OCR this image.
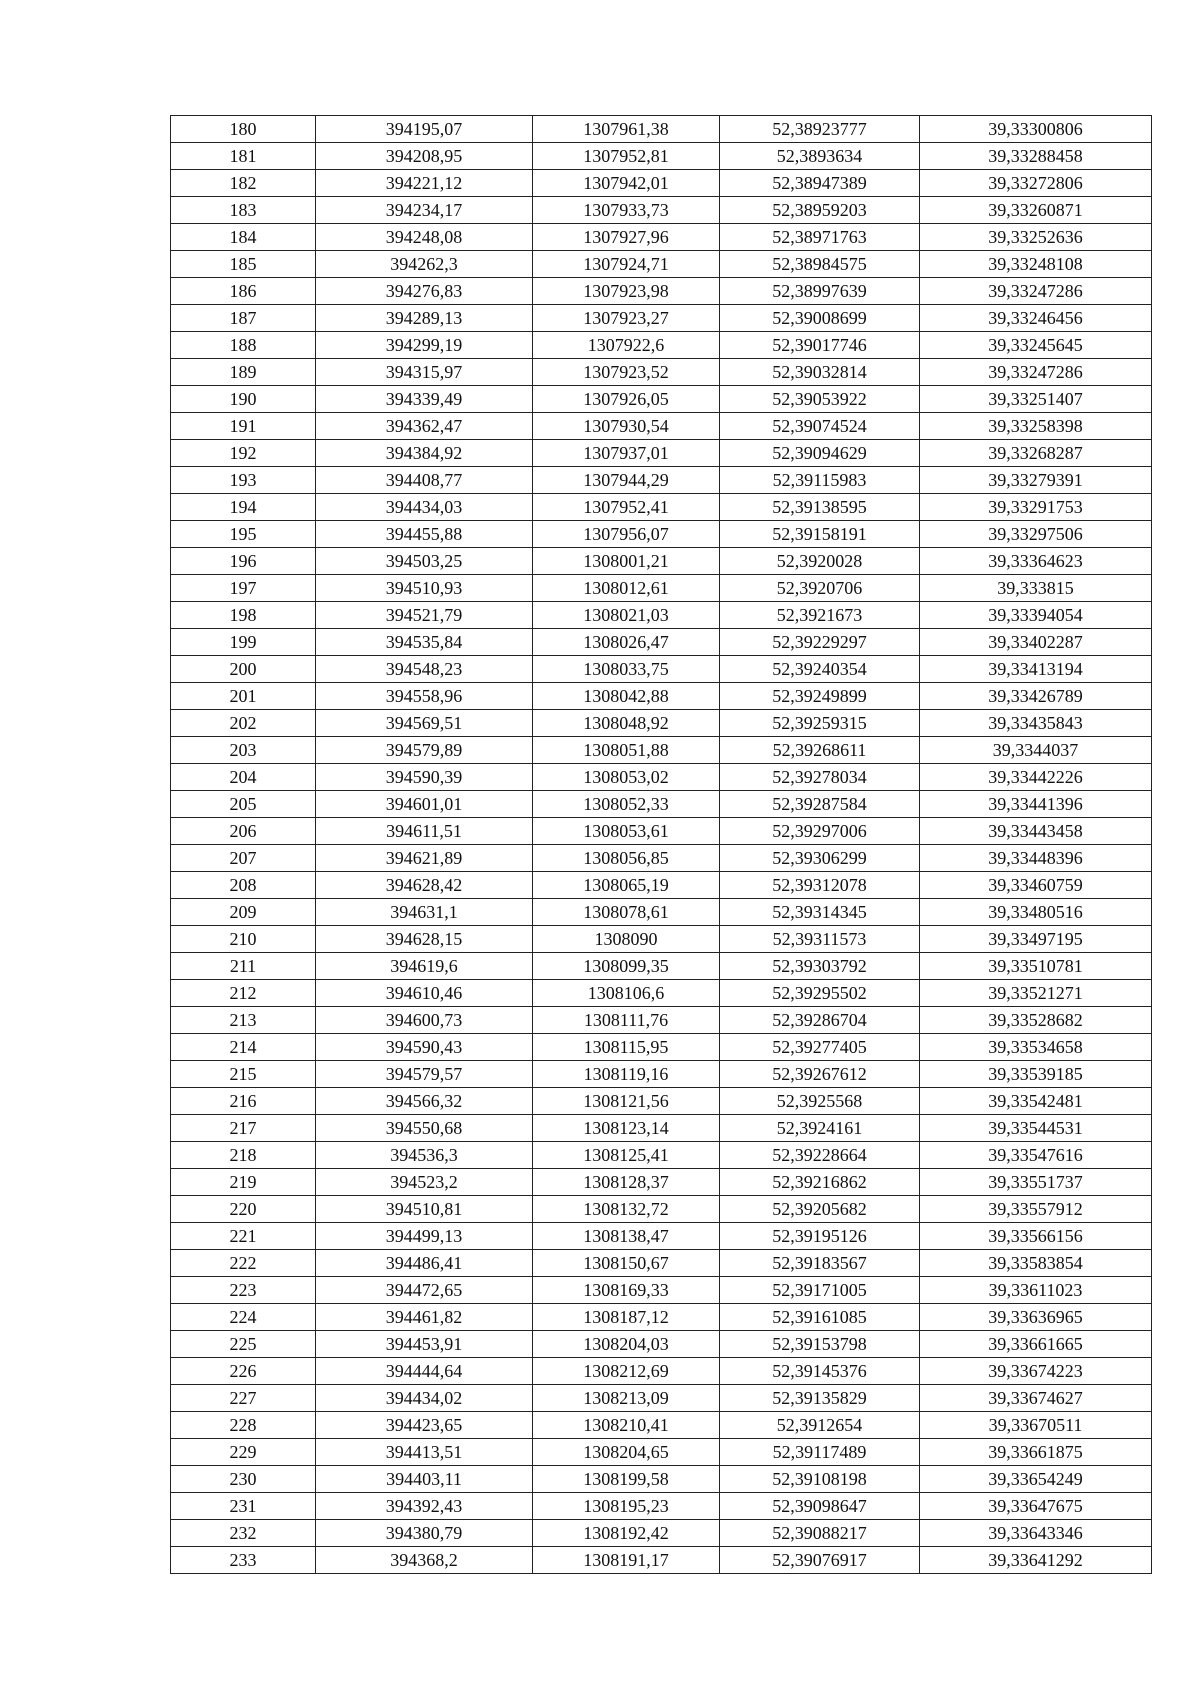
180	394195,07	1307961,38	52,38923777	39,33300806
181	394208,95	1307952,81	52,3893634	39,33288458
182	394221,12	1307942,01	52,38947389	39,33272806
183	394234,17	1307933,73	52,38959203	39,33260871
184	394248,08	1307927,96	52,38971763	39,33252636
185	394262,3	1307924,71	52,38984575	39,33248108
186	394276,83	1307923,98	52,38997639	39,33247286
187	394289,13	1307923,27	52,39008699	39,33246456
188	394299,19	1307922,6	52,39017746	39,33245645
189	394315,97	1307923,52	52,39032814	39,33247286
190	394339,49	1307926,05	52,39053922	39,33251407
191	394362,47	1307930,54	52,39074524	39,33258398
192	394384,92	1307937,01	52,39094629	39,33268287
193	394408,77	1307944,29	52,39115983	39,33279391
194	394434,03	1307952,41	52,39138595	39,33291753
195	394455,88	1307956,07	52,39158191	39,33297506
196	394503,25	1308001,21	52,3920028	39,33364623
197	394510,93	1308012,61	52,3920706	39,333815
198	394521,79	1308021,03	52,3921673	39,33394054
199	394535,84	1308026,47	52,39229297	39,33402287
200	394548,23	1308033,75	52,39240354	39,33413194
201	394558,96	1308042,88	52,39249899	39,33426789
202	394569,51	1308048,92	52,39259315	39,33435843
203	394579,89	1308051,88	52,39268611	39,3344037
204	394590,39	1308053,02	52,39278034	39,33442226
205	394601,01	1308052,33	52,39287584	39,33441396
206	394611,51	1308053,61	52,39297006	39,33443458
207	394621,89	1308056,85	52,39306299	39,33448396
208	394628,42	1308065,19	52,39312078	39,33460759
209	394631,1	1308078,61	52,39314345	39,33480516
210	394628,15	1308090	52,39311573	39,33497195
211	394619,6	1308099,35	52,39303792	39,33510781
212	394610,46	1308106,6	52,39295502	39,33521271
213	394600,73	1308111,76	52,39286704	39,33528682
214	394590,43	1308115,95	52,39277405	39,33534658
215	394579,57	1308119,16	52,39267612	39,33539185
216	394566,32	1308121,56	52,3925568	39,33542481
217	394550,68	1308123,14	52,3924161	39,33544531
218	394536,3	1308125,41	52,39228664	39,33547616
219	394523,2	1308128,37	52,39216862	39,33551737
220	394510,81	1308132,72	52,39205682	39,33557912
221	394499,13	1308138,47	52,39195126	39,33566156
222	394486,41	1308150,67	52,39183567	39,33583854
223	394472,65	1308169,33	52,39171005	39,33611023
224	394461,82	1308187,12	52,39161085	39,33636965
225	394453,91	1308204,03	52,39153798	39,33661665
226	394444,64	1308212,69	52,39145376	39,33674223
227	394434,02	1308213,09	52,39135829	39,33674627
228	394423,65	1308210,41	52,3912654	39,33670511
229	394413,51	1308204,65	52,39117489	39,33661875
230	394403,11	1308199,58	52,39108198	39,33654249
231	394392,43	1308195,23	52,39098647	39,33647675
232	394380,79	1308192,42	52,39088217	39,33643346
233	394368,2	1308191,17	52,39076917	39,33641292
